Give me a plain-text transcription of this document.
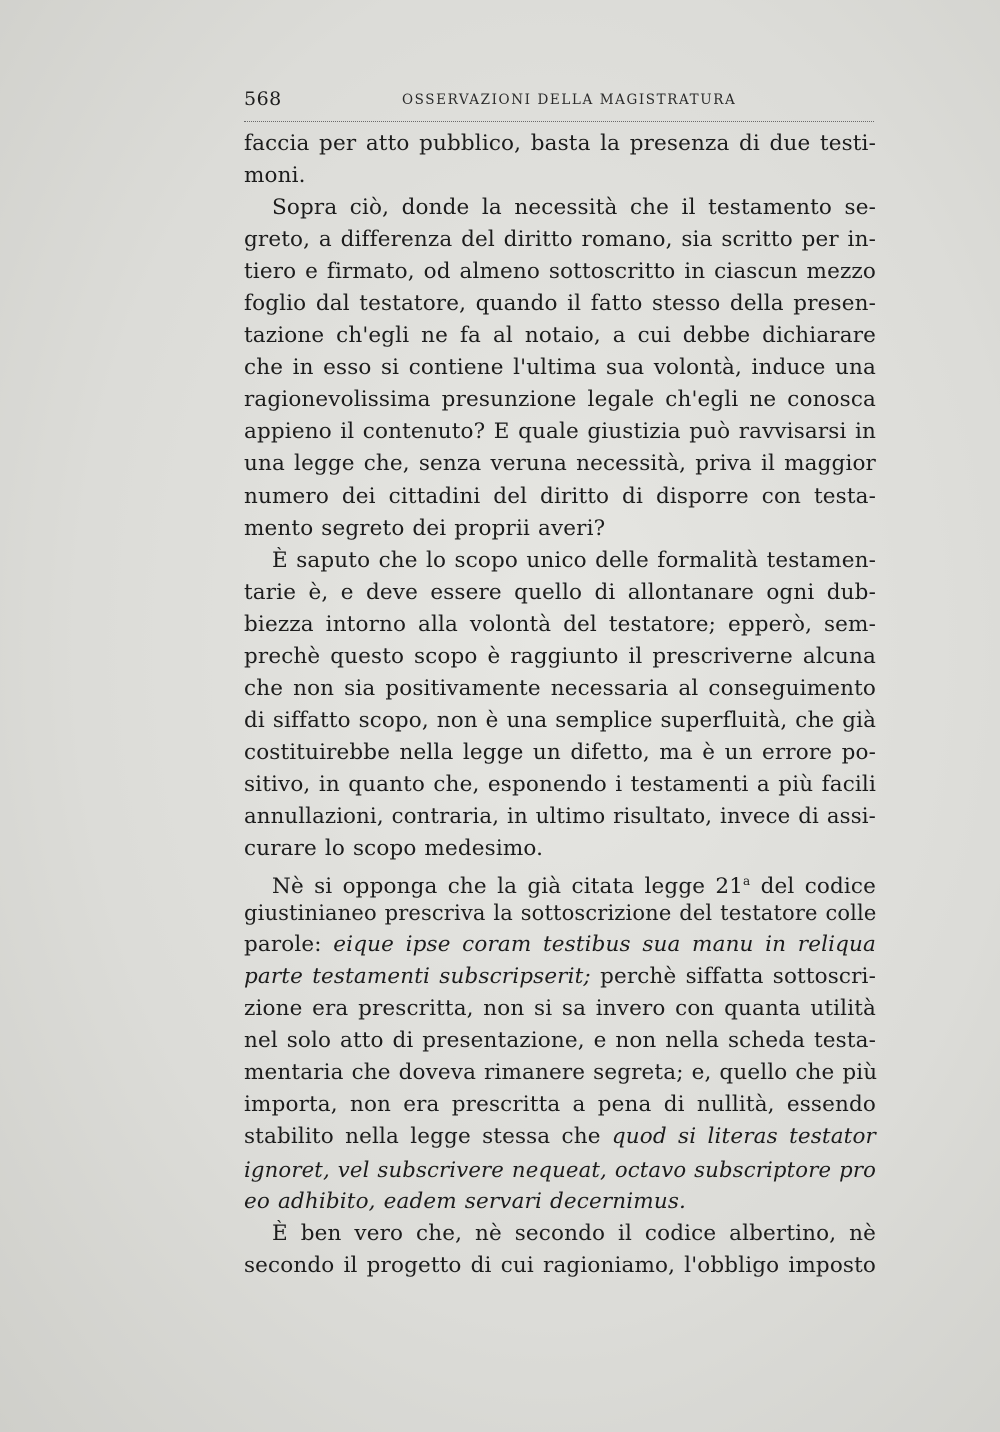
568	OSSERVAZIONI DELLA MAGISTRATURA
faccia per atto pubblico, basta la presenza di due testi-
moni.
Sopra ciò, donde la necessità che il testamento se-
greto, a differenza del diritto romano, sia scritto per in-
tiero e firmato, od almeno sottoscritto in ciascun mezzo
foglio dal testatore, quando il fatto stesso della presen-
tazione ch'egli ne fa al notaio, a cui debbe dichiarare
che in esso si contiene l'ultima sua volontà, induce una
ragionevolissima presunzione legale ch'egli ne conosca
appieno il contenuto? E quale giustizia può ravvisarsi in
una legge che, senza veruna necessità, priva il maggior
numero dei cittadini del diritto di disporre con testa-
mento segreto dei proprii averi?
È saputo che lo scopo unico delle formalità testamen-
tarie è, e deve essere quello di allontanare ogni dub-
biezza intorno alla volontà del testatore; epperò, sem-
prechè questo scopo è raggiunto il prescriverne alcuna
che non sia positivamente necessaria al conseguimento
di siffatto scopo, non è una semplice superfluità, che già
costituirebbe nella legge un difetto, ma è un errore po-
sitivo, in quanto che, esponendo i testamenti a più facili
annullazioni, contraria, in ultimo risultato, invece di assi-
curare lo scopo medesimo.
Nè si opponga che la già citata legge 21$^a$ del codice
giustinianeo prescriva la sottoscrizione del testatore colle
parole: eique ipse coram testibus sua manu in reliqua
parte testamenti subscripserit; perchè siffatta sottoscri-
zione era prescritta, non si sa invero con quanta utilità
nel solo atto di presentazione, e non nella scheda testa-
mentaria che doveva rimanere segreta; e, quello che più
importa, non era prescritta a pena di nullità, essendo
stabilito nella legge stessa che quod si literas testator
ignoret, vel subscrivere nequeat, octavo subscriptore pro
eo adhibito, eadem servari decernimus.
È ben vero che, nè secondo il codice albertino, nè
secondo il progetto di cui ragioniamo, l'obbligo imposto
